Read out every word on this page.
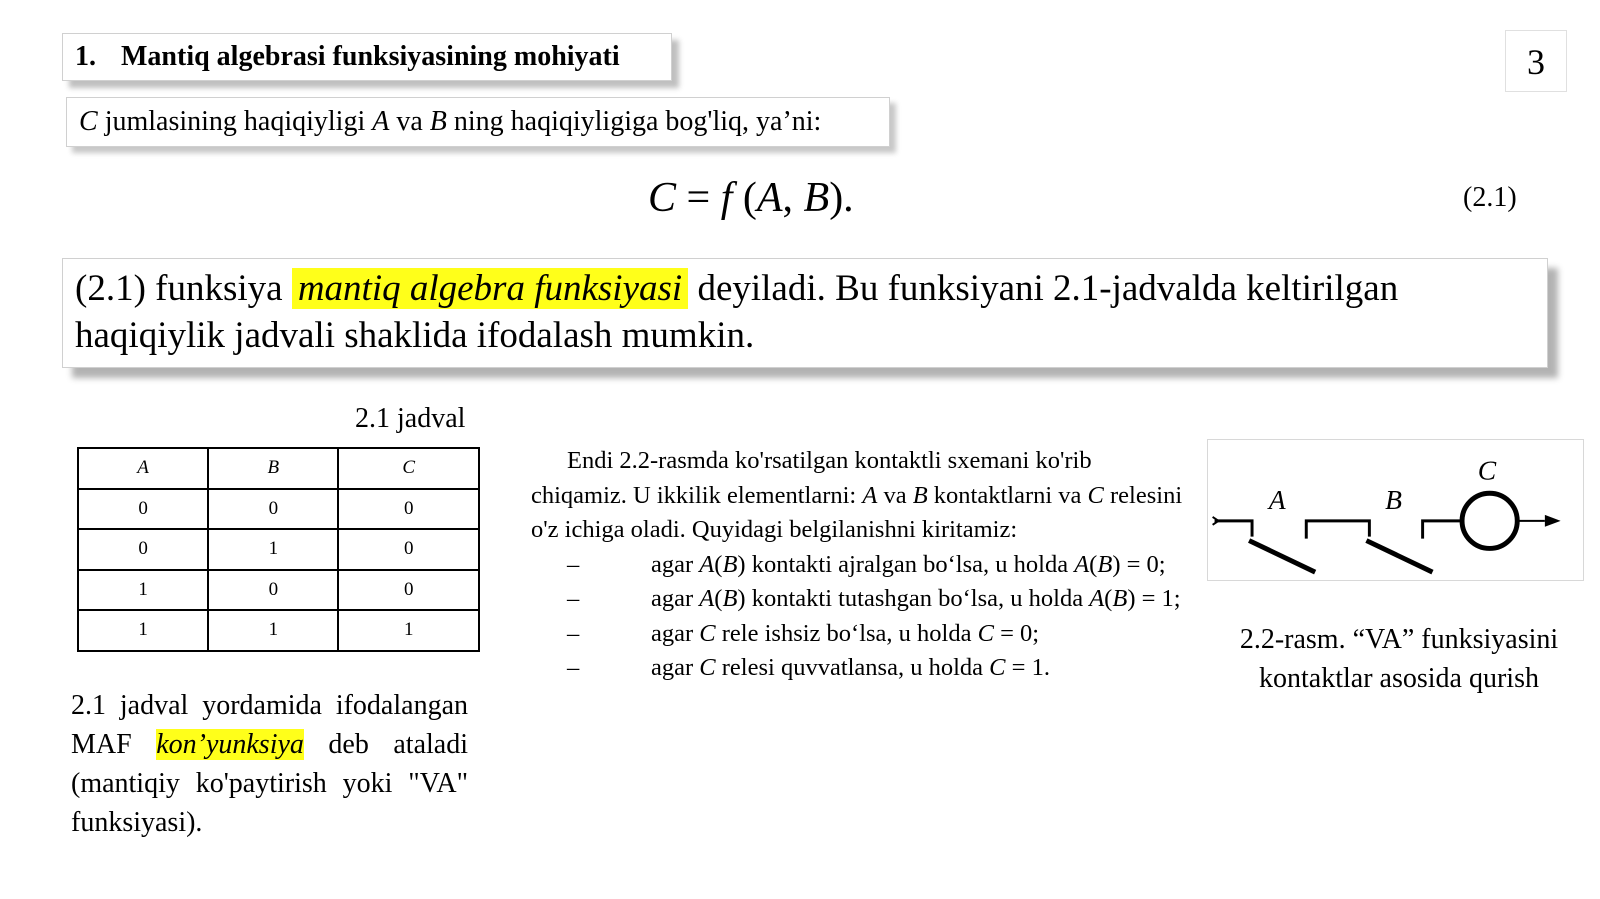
1. Mantiq algebrasi funksiyasining mohiyati	3
C jumlasining haqiqiyligi A va B ning haqiqiyligiga bog'liq, ya’ni:
C = f (A, B).	(2.1)
(2.1) funksiya mantiq algebra funksiyasi deyiladi. Bu funksiyani 2.1-jadvalda keltirilgan haqiqiylik jadvali shaklida ifodalash mumkin.
2.1 jadval
A	B	C
0	0	0
0	1	0
1	0	0
1	1	1
2.1 jadval yordamida ifodalangan MAF kon’yunksiya deb ataladi (mantiqiy ko'paytirish yoki "VA"
funksiyasi).

Endi 2.2-rasmda ko'rsatilgan kontaktli sxemani ko'rib chiqamiz. U ikkilik elementlarni: A va B kontaktlarni va C relesini o'z ichiga oladi. Quyidagi belgilanishni kiritamiz:

–	agar A(B) kontakti ajralgan bo‘lsa, u holda A(B) = 0;

–	agar A(B) kontakti tutashgan bo‘lsa, u holda A(B) = 1;

–	agar C rele ishsiz bo‘lsa, u holda C = 0;

–	agar C relesi quvvatlansa, u holda C = 1.

A	B
C
2.2-rasm. “VA” funksiyasini kontaktlar asosida qurish
